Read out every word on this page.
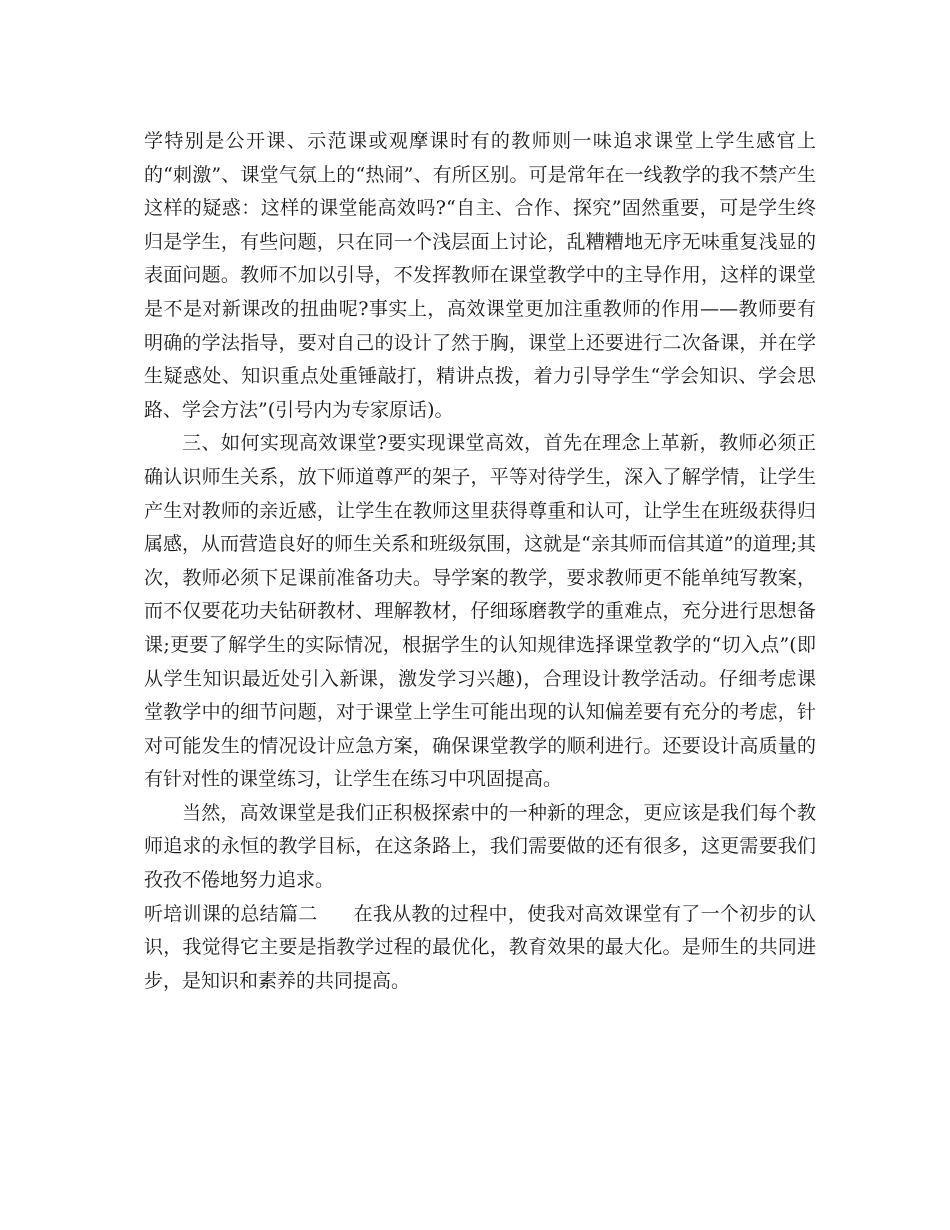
学特别是公开课、示范课或观摩课时有的教师则一味追求课堂上学生感官上的“刺激”、课堂气氛上的“热闹”、有所区别。可是常年在一线教学的我不禁产生这样的疑惑：这样的课堂能高效吗?“自主、合作、探究”固然重要，可是学生终归是学生，有些问题，只在同一个浅层面上讨论，乱糟糟地无序无味重复浅显的表面问题。教师不加以引导，不发挥教师在课堂教学中的主导作用，这样的课堂是不是对新课改的扭曲呢?事实上，高效课堂更加注重教师的作用——教师要有明确的学法指导，要对自己的设计了然于胸，课堂上还要进行二次备课，并在学生疑惑处、知识重点处重锤敲打，精讲点拨，着力引导学生“学会知识、学会思路、学会方法”(引号内为专家原话)。

三、如何实现高效课堂?要实现课堂高效，首先在理念上革新，教师必须正确认识师生关系，放下师道尊严的架子，平等对待学生，深入了解学情，让学生产生对教师的亲近感，让学生在教师这里获得尊重和认可，让学生在班级获得归属感，从而营造良好的师生关系和班级氛围，这就是“亲其师而信其道”的道理;其次，教师必须下足课前准备功夫。导学案的教学，要求教师更不能单纯写教案，而不仅要花功夫钻研教材、理解教材，仔细琢磨教学的重难点，充分进行思想备课;更要了解学生的实际情况，根据学生的认知规律选择课堂教学的“切入点”(即从学生知识最近处引入新课，激发学习兴趣)，合理设计教学活动。仔细考虑课堂教学中的细节问题，对于课堂上学生可能出现的认知偏差要有充分的考虑，针对可能发生的情况设计应急方案，确保课堂教学的顺利进行。还要设计高质量的有针对性的课堂练习，让学生在练习中巩固提高。

当然，高效课堂是我们正积极探索中的一种新的理念，更应该是我们每个教师追求的永恒的教学目标，在这条路上，我们需要做的还有很多，这更需要我们孜孜不倦地努力追求。

听培训课的总结篇二 在我从教的过程中，使我对高效课堂有了一个初步的认识，我觉得它主要是指教学过程的最优化，教育效果的最大化。是师生的共同进步，是知识和素养的共同提高。
